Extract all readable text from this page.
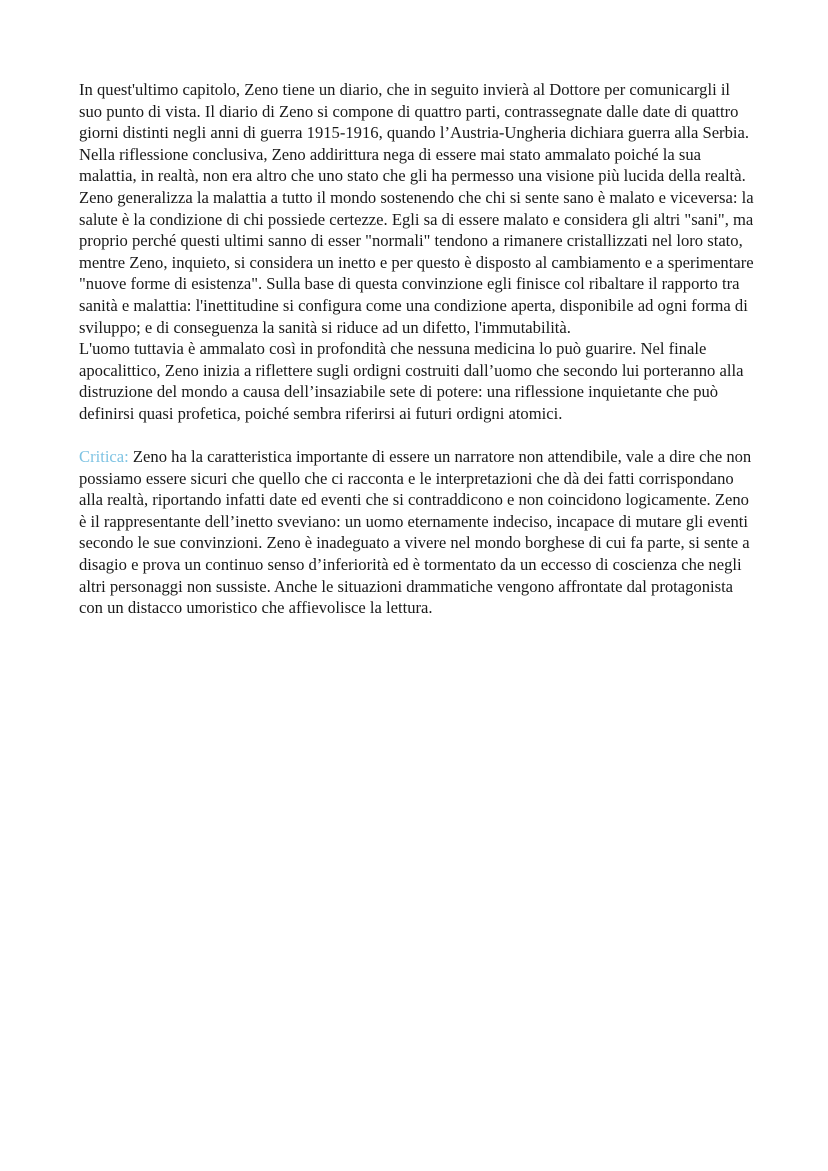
In quest'ultimo capitolo, Zeno tiene un diario, che in seguito invierà al Dottore per comunicargli il suo punto di vista. Il diario di Zeno si compone di quattro parti, contrassegnate dalle date di quattro giorni distinti negli anni di guerra 1915-1916, quando l’Austria-Ungheria dichiara guerra alla Serbia. Nella riflessione conclusiva, Zeno addirittura nega di essere mai stato ammalato poiché la sua malattia, in realtà, non era altro che uno stato che gli ha permesso una visione più lucida della realtà. Zeno generalizza la malattia a tutto il mondo sostenendo che chi si sente sano è malato e viceversa: la salute è la condizione di chi possiede certezze. Egli sa di essere malato e considera gli altri "sani", ma proprio perché questi ultimi sanno di esser "normali" tendono a rimanere cristallizzati nel loro stato, mentre Zeno, inquieto, si considera un inetto e per questo è disposto al cambiamento e a sperimentare "nuove forme di esistenza". Sulla base di questa convinzione egli finisce col ribaltare il rapporto tra sanità e malattia: l'inettitudine si configura come una condizione aperta, disponibile ad ogni forma di sviluppo; e di conseguenza la sanità si riduce ad un difetto, l'immutabilità.

L'uomo tuttavia è ammalato così in profondità che nessuna medicina lo può guarire. Nel finale apocalittico, Zeno inizia a riflettere sugli ordigni costruiti dall’uomo che secondo lui porteranno alla distruzione del mondo a causa dell’insaziabile sete di potere: una riflessione inquietante che può definirsi quasi profetica, poiché sembra riferirsi ai futuri ordigni atomici.

Critica: Zeno ha la caratteristica importante di essere un narratore non attendibile, vale a dire che non possiamo essere sicuri che quello che ci racconta e le interpretazioni che dà dei fatti corrispondano alla realtà, riportando infatti date ed eventi che si contraddicono e non coincidono logicamente. Zeno è il rappresentante dell’inetto sveviano: un uomo eternamente indeciso, incapace di mutare gli eventi secondo le sue convinzioni. Zeno è inadeguato a vivere nel mondo borghese di cui fa parte, si sente a disagio e prova un continuo senso d’inferiorità ed è tormentato da un eccesso di coscienza che negli altri personaggi non sussiste. Anche le situazioni drammatiche vengono affrontate dal protagonista con un distacco umoristico che affievolisce la lettura.
